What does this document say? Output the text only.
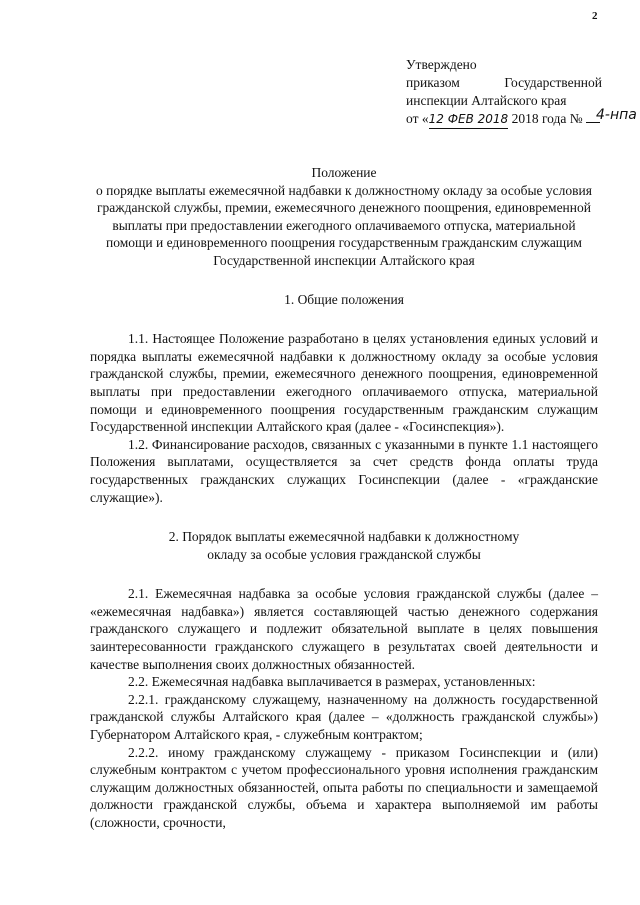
2
Утверждено
приказом Государственной
инспекции Алтайского края
от «12 ФЕВ 2018 2018 года № 4-нпа
Положение
о порядке выплаты ежемесячной надбавки к должностному окладу за особые условия гражданской службы, премии, ежемесячного денежного поощрения, единовременной выплаты при предоставлении ежегодного оплачиваемого отпуска, материальной помощи и единовременного поощрения государственным гражданским служащим Государственной инспекции Алтайского края
1. Общие положения

1.1. Настоящее Положение разработано в целях установления единых условий и порядка выплаты ежемесячной надбавки к должностному окладу за особые условия гражданской службы, премии, ежемесячного денежного поощрения, единовременной выплаты при предоставлении ежегодного оплачиваемого отпуска, материальной помощи и единовременного поощрения государственным гражданским служащим Государственной инспекции Алтайского края (далее - «Госинспекция»).

1.2. Финансирование расходов, связанных с указанными в пункте 1.1 настоящего Положения выплатами, осуществляется за счет средств фонда оплаты труда государственных гражданских служащих Госинспекции (далее - «гражданские служащие»).

2. Порядок выплаты ежемесячной надбавки к должностному
окладу за особые условия гражданской службы

2.1. Ежемесячная надбавка за особые условия гражданской службы (далее – «ежемесячная надбавка») является составляющей частью денежного содержания гражданского служащего и подлежит обязательной выплате в целях повышения заинтересованности гражданского служащего в результатах своей деятельности и качестве выполнения своих должностных обязанностей.

2.2. Ежемесячная надбавка выплачивается в размерах, установленных:

2.2.1. гражданскому служащему, назначенному на должность государственной гражданской службы Алтайского края (далее – «должность гражданской службы») Губернатором Алтайского края, - служебным контрактом;

2.2.2. иному гражданскому служащему - приказом Госинспекции и (или) служебным контрактом с учетом профессионального уровня исполнения гражданским служащим должностных обязанностей, опыта работы по специальности и замещаемой должности гражданской службы, объема и характера выполняемой им работы (сложности, срочности,
